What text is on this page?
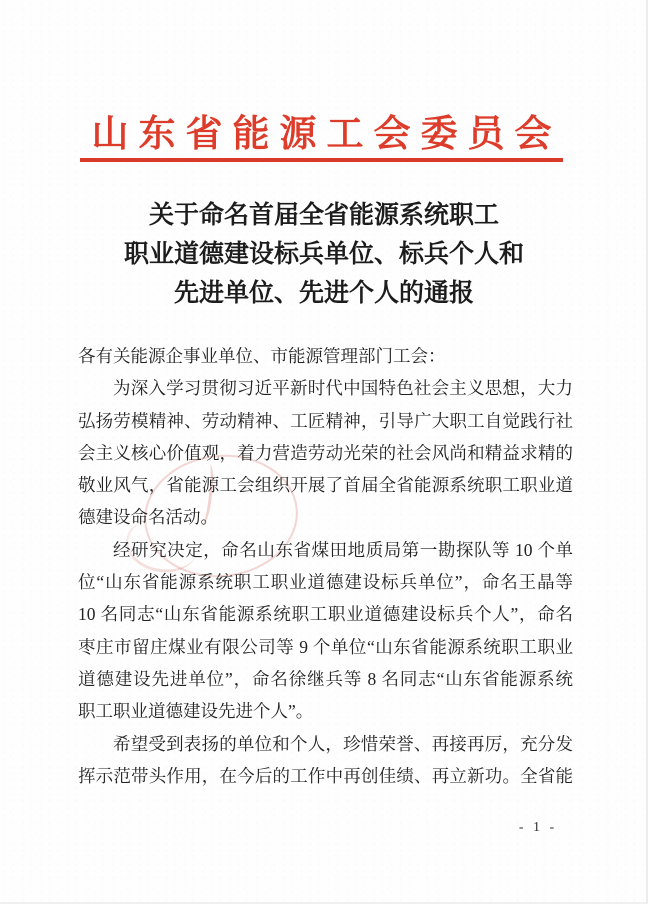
山东省能源工会委员会
关于命名首届全省能源系统职工
职业道德建设标兵单位、标兵个人和
先进单位、先进个人的通报
各有关能源企事业单位、市能源管理部门工会：
为深入学习贯彻习近平新时代中国特色社会主义思想，大力
弘扬劳模精神、劳动精神、工匠精神，引导广大职工自觉践行社
会主义核心价值观，着力营造劳动光荣的社会风尚和精益求精的
敬业风气，省能源工会组织开展了首届全省能源系统职工职业道
德建设命名活动。
经研究决定，命名山东省煤田地质局第一勘探队等 10 个单
位“山东省能源系统职工职业道德建设标兵单位”，命名王晶等
10 名同志“山东省能源系统职工职业道德建设标兵个人”，命名
枣庄市留庄煤业有限公司等 9 个单位“山东省能源系统职工职业
道德建设先进单位”，命名徐继兵等 8 名同志“山东省能源系统
职工职业道德建设先进个人”。
希望受到表扬的单位和个人，珍惜荣誉、再接再厉，充分发
挥示范带头作用，在今后的工作中再创佳绩、再立新功。全省能
- 1 -
